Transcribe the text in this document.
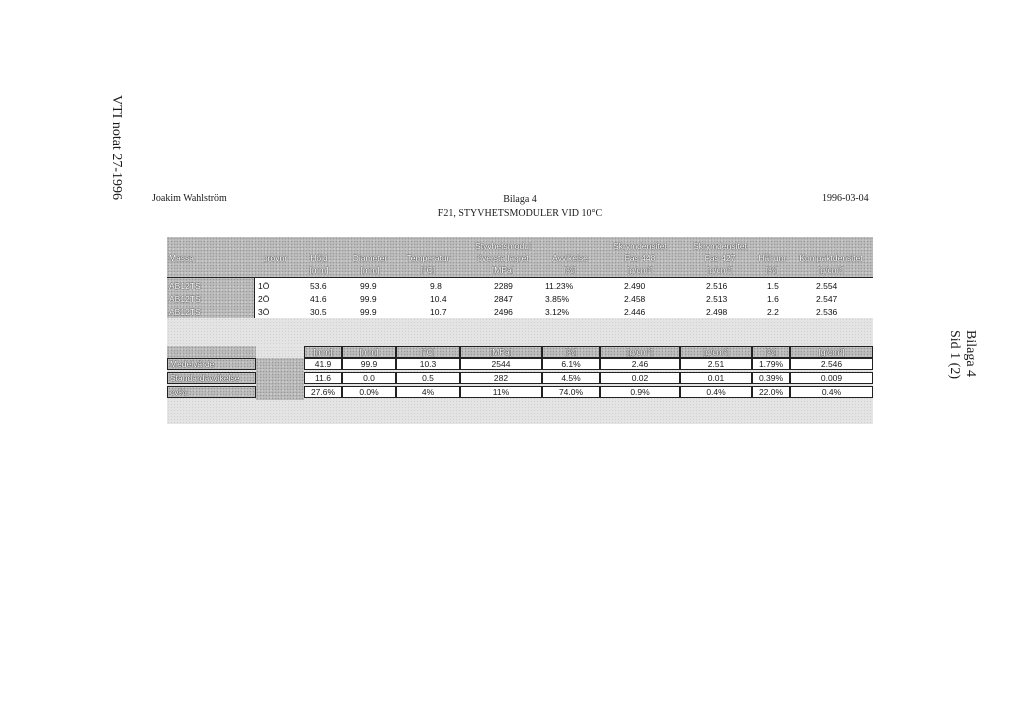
VTI notat 27-1996
Bilaga 4
Sid 1 (2)
Joakim Wahlström	Bilaga 4
F21, STYVHETSMODULER VID 10°C
1996-03-04
Styvhetsmodul	Skrymdensitet	Skrymdensitet
Massa	provnr	Höjd	Diameter	Temperatur	översta lagret	Avvikelse	Fas 448	Fas 427	Hålrum	Kompaktdensitet
[mm]	[mm]	[°C]	[MPa]	[%]	[g/cm³]	[g/cm³]	[%]	[g/cm³]
AB12TS	1Ö	53.6	99.9	9.8	2289	11.23%	2.490	2.516	1.5	2.554
AB12TS	2Ö	41.6	99.9	10.4	2847	3.85%	2.458	2.513	1.6	2.547
AB12TS	3Ö	30.5	99.9	10.7	2496	3.12%	2.446	2.498	2.2	2.536
[mm]	[mm]	[°C]	[MPa]	[%]	[g/cm³]	[g/cm³]	[%]	[g/cm³]
Medelvärde	41.9	99.9	10.3	2544	6.1%	2.46	2.51	1.79%	2.546
Standardavvikelse	11.6	0.0	0.5	282	4.5%	0.02	0.01	0.39%	0.009
cv%:	27.6%	0.0%	4%	11%	74.0%	0.9%	0.4%	22.0%	0.4%
